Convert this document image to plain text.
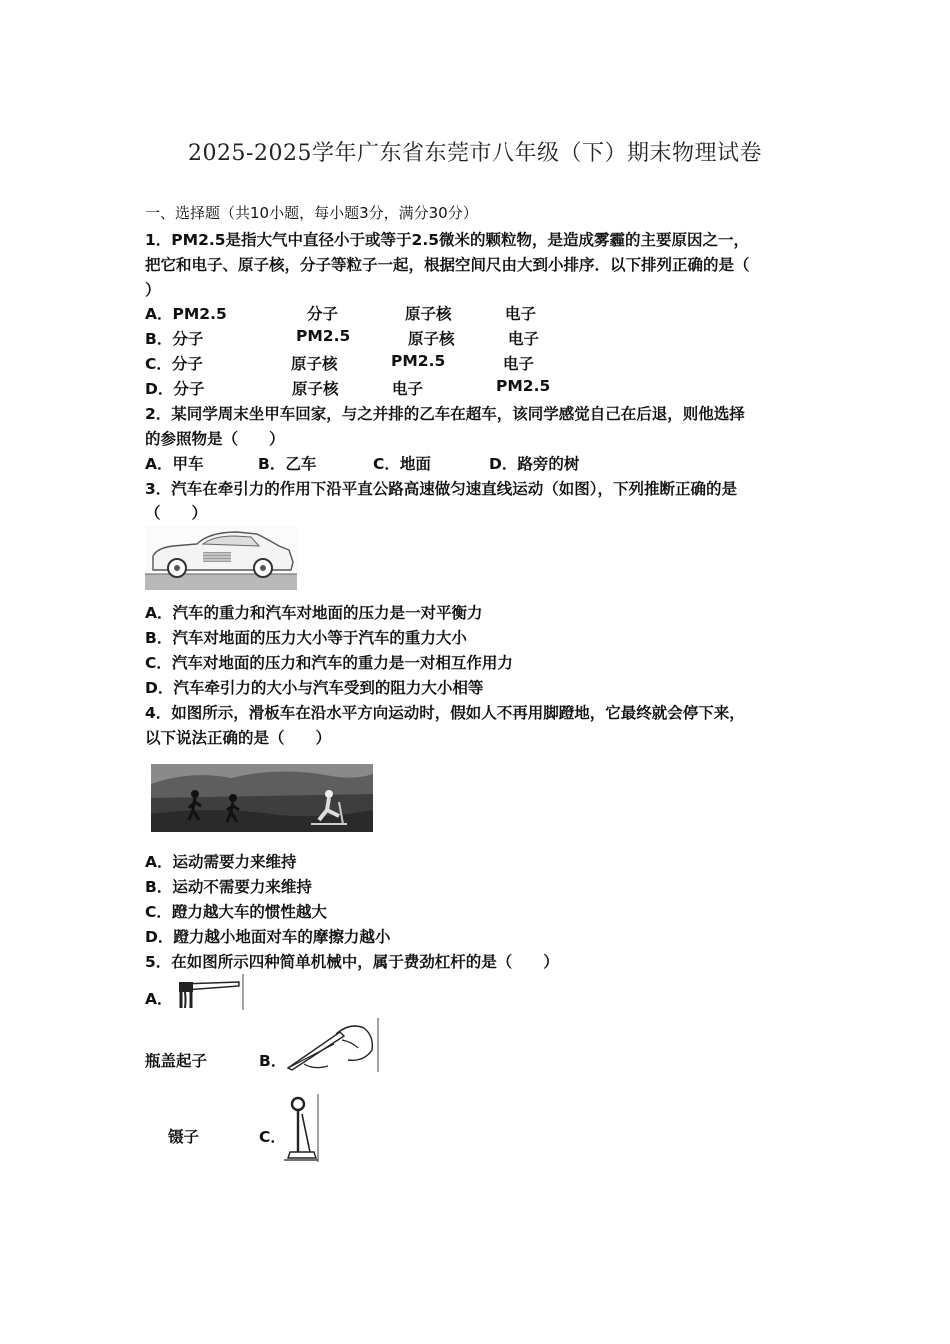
2025-2025学年广东省东莞市八年级（下）期末物理试卷
一、选择题（共10小题，每小题3分，满分30分）
1．PM2.5是指大气中直径小于或等于2.5微米的颗粒物，是造成雾霾的主要原因之一，
把它和电子、原子核，分子等粒子一起，根据空间尺由大到小排序．以下排列正确的是（
）
A．PM2.5	分子	原子核	电子
B．分子	PM2.5	原子核	电子
C．分子	原子核	PM2.5	电子
D．分子	原子核	电子	PM2.5
2．某同学周末坐甲车回家，与之并排的乙车在超车，该同学感觉自己在后退，则他选择
的参照物是（　　）
A．甲车	B．乙车	C．地面	D．路旁的树
3．汽车在牵引力的作用下沿平直公路高速做匀速直线运动（如图），下列推断正确的是
（　　）
A．汽车的重力和汽车对地面的压力是一对平衡力
B．汽车对地面的压力大小等于汽车的重力大小
C．汽车对地面的压力和汽车的重力是一对相互作用力
D．汽车牵引力的大小与汽车受到的阻力大小相等
4．如图所示，滑板车在沿水平方向运动时，假如人不再用脚蹬地，它最终就会停下来，
以下说法正确的是（　　）
A．运动需要力来维持
B．运动不需要力来维持
C．蹬力越大车的惯性越大
D．蹬力越小地面对车的摩擦力越小
5．在如图所示四种简单机械中，属于费劲杠杆的是（　　）
A．
瓶盖起子	B．
镊子	C．
